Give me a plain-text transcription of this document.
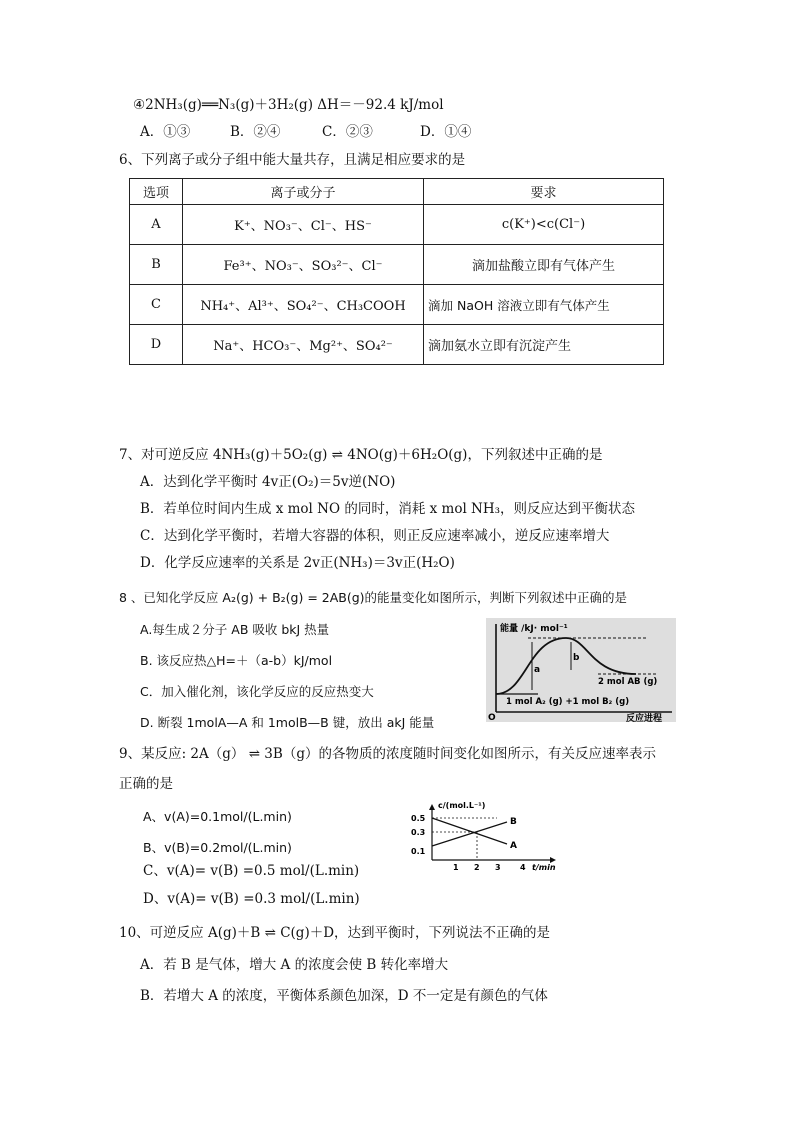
④2NH₃(g)══N₃(g)＋3H₂(g) ΔH＝－92.4 kJ/mol
A．①③	B．②④	C．②③	D．①④
6、下列离子或分子组中能大量共存，且满足相应要求的是
选项	离子或分子	要求
A	K⁺、NO₃⁻、Cl⁻、HS⁻	c(K⁺)<c(Cl⁻)
B	Fe³⁺、NO₃⁻、SO₃²⁻、Cl⁻	滴加盐酸立即有气体产生
C	NH₄⁺、Al³⁺、SO₄²⁻、CH₃COOH	滴加 NaOH 溶液立即有气体产生
D	Na⁺、HCO₃⁻、Mg²⁺、SO₄²⁻	滴加氨水立即有沉淀产生
7、对可逆反应 4NH₃(g)＋5O₂(g) ⇌ 4NO(g)＋6H₂O(g)，下列叙述中正确的是
A．达到化学平衡时 4v正(O₂)＝5v逆(NO)
B．若单位时间内生成 x mol NO 的同时，消耗 x mol NH₃，则反应达到平衡状态
C．达到化学平衡时，若增大容器的体积，则正反应速率减小，逆反应速率增大
D．化学反应速率的关系是 2v正(NH₃)＝3v正(H₂O)
8 、已知化学反应 A₂(g) + B₂(g) = 2AB(g)的能量变化如图所示，判断下列叙述中正确的是
A.每生成２分子 AB 吸收 bkJ 热量
B. 该反应热△H=＋（a-b）kJ/mol
C．加入催化剂，该化学反应的反应热变大
D. 断裂 1molA—A 和 1molB—B 键，放出 akJ 能量
a
b
能量 /kJ· mol⁻¹
2 mol AB (g)
1 mol A₂ (g) +1 mol B₂ (g)
O	反应进程
9、某反应: 2A（g） ⇌ 3B（g）的各物质的浓度随时间变化如图所示，有关反应速率表示
正确的是
A、v(A)=0.1mol/(L.min)
B、v(B)=0.2mol/(L.min)
C、v(A)= v(B) =0.5 mol/(L.min)
D、v(A)= v(B) =0.3 mol/(L.min)
c/(mol.L⁻¹)
0.5
0.3
0.1
1 2 3 4 t/min
B
A
10、可逆反应 A(g)＋B ⇌ C(g)＋D，达到平衡时，下列说法不正确的是
A．若 B 是气体，增大 A 的浓度会使 B 转化率增大
B．若增大 A 的浓度，平衡体系颜色加深，D 不一定是有颜色的气体
